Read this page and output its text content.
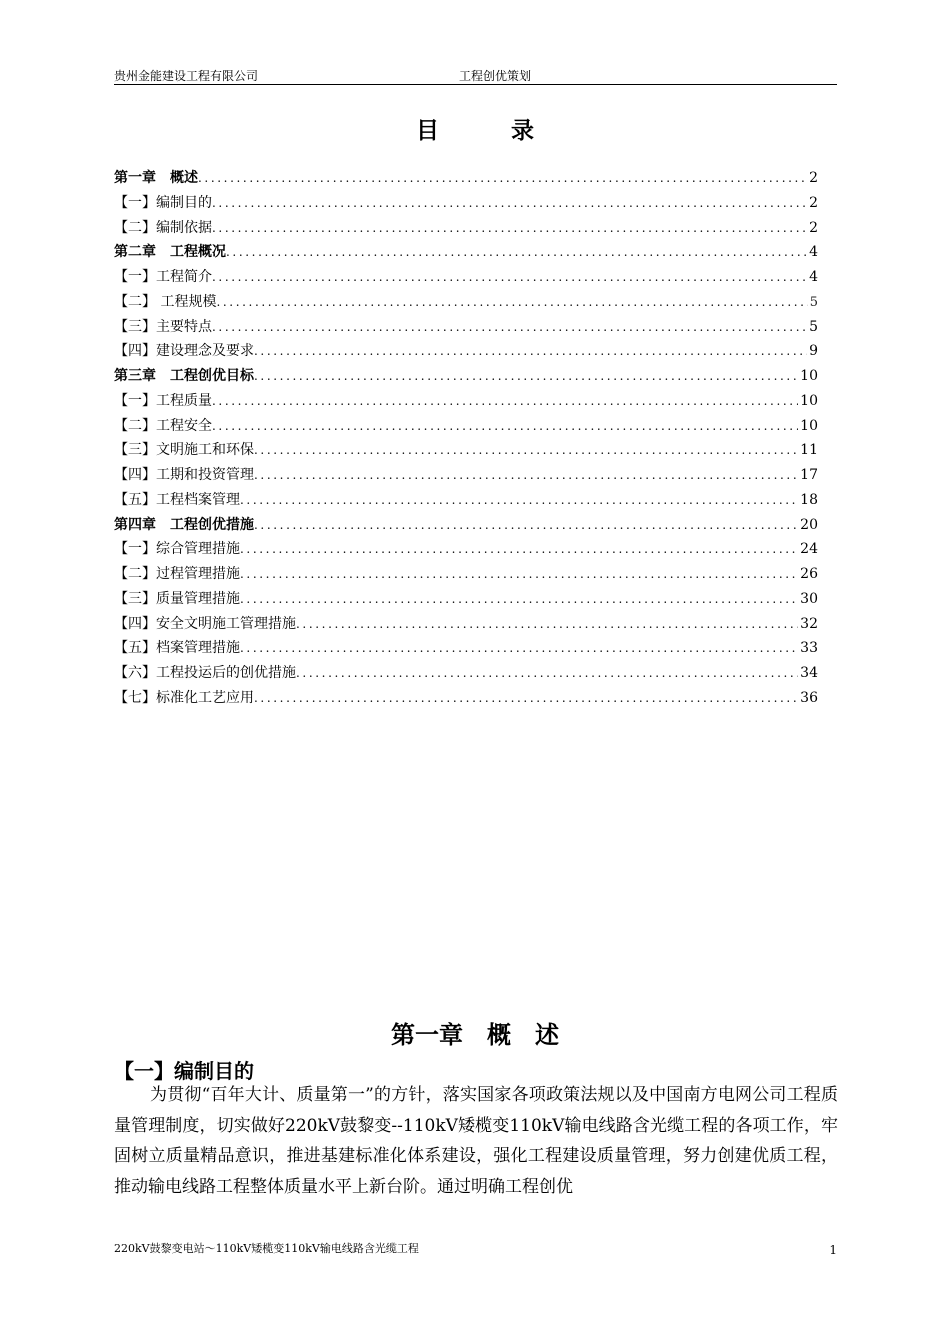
贵州金能建设工程有限公司	工程创优策划
目录
第一章　概述 .....	2
【一】编制目的 .....	2
【二】编制依据 .....	2
第二章　工程概况 .....	4
【一】工程简介 .....	4
【二】 工程规模 .....	5
【三】主要特点 .....	5
【四】建设理念及要求 .....	9
第三章　工程创优目标 .....	10
【一】工程质量 .....	10
【二】工程安全 .....	10
【三】文明施工和环保 .....	11
【四】工期和投资管理 .....	17
【五】工程档案管理 .....	18
第四章　工程创优措施 .....	20
【一】综合管理措施 .....	24
【二】过程管理措施 .....	26
【三】质量管理措施 .....	30
【四】安全文明施工管理措施 .....	32
【五】档案管理措施 .....	33
【六】工程投运后的创优措施 .....	34
【七】标准化工艺应用 .....	36
第一章　概　述
【一】编制目的

为贯彻“百年大计、质量第一”的方针，落实国家各项政策法规以及中国南方电网公司工程质量管理制度，切实做好220kV鼓黎变--110kV矮榄变110kV输电线路含光缆工程的各项工作，牢固树立质量精品意识，推进基建标准化体系建设，强化工程建设质量管理，努力创建优质工程，推动输电线路工程整体质量水平上新台阶。通过明确工程创优

220kV鼓黎变电站～110kV矮榄变110kV输电线路含光缆工程	1
